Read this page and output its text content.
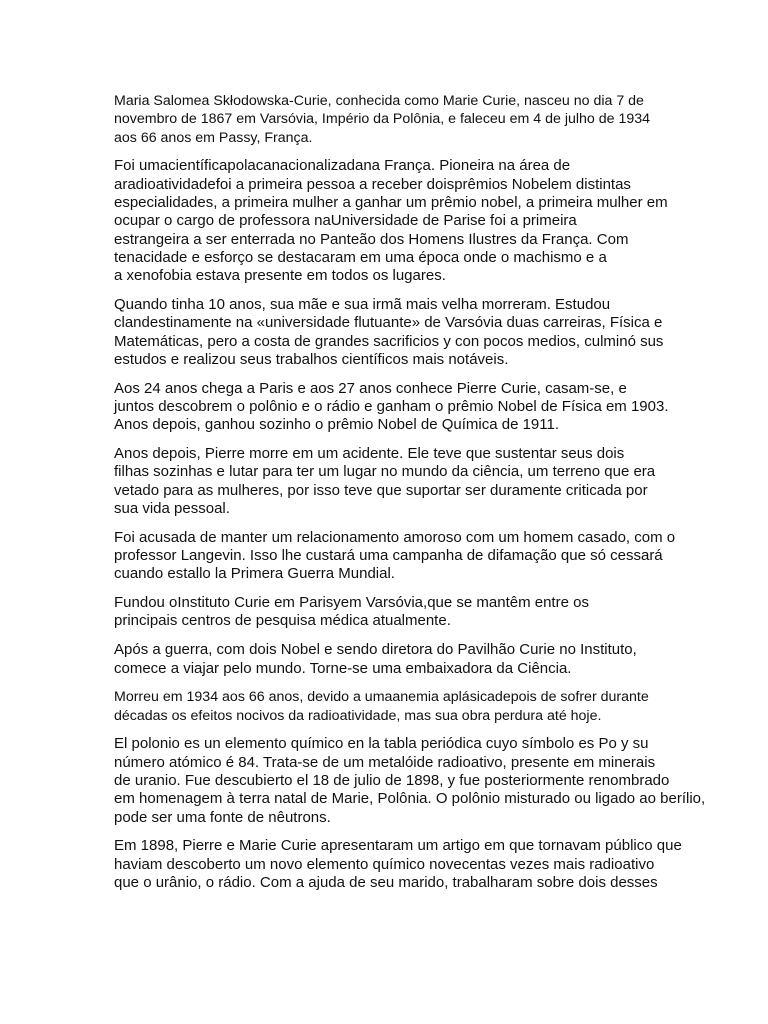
Maria Salomea Skłodowska-Curie, conhecida como Marie Curie, nasceu no dia 7 de
novembro de 1867 em Varsóvia, Império da Polônia, e faleceu em 4 de julho de 1934
aos 66 anos em Passy, França.

Foi umacientíficapolacanacionalizadana França. Pioneira na área de
aradioatividadefoi a primeira pessoa a receber doisprêmios Nobelem distintas
especialidades, a primeira mulher a ganhar um prêmio nobel, a primeira mulher em
ocupar o cargo de professora naUniversidade de Parise foi a primeira
estrangeira a ser enterrada no Panteão dos Homens Ilustres da França. Com
tenacidade e esforço se destacaram em uma época onde o machismo e a
a xenofobia estava presente em todos os lugares.

Quando tinha 10 anos, sua mãe e sua irmã mais velha morreram. Estudou
clandestinamente na «universidade flutuante» de Varsóvia duas carreiras, Física e
Matemáticas, pero a costa de grandes sacrificios y con pocos medios, culminó sus
estudos e realizou seus trabalhos científicos mais notáveis.

Aos 24 anos chega a Paris e aos 27 anos conhece Pierre Curie, casam-se, e
juntos descobrem o polônio e o rádio e ganham o prêmio Nobel de Física em 1903.
Anos depois, ganhou sozinho o prêmio Nobel de Química de 1911.

Anos depois, Pierre morre em um acidente. Ele teve que sustentar seus dois
filhas sozinhas e lutar para ter um lugar no mundo da ciência, um terreno que era
vetado para as mulheres, por isso teve que suportar ser duramente criticada por
sua vida pessoal.

Foi acusada de manter um relacionamento amoroso com um homem casado, com o
professor Langevin. Isso lhe custará uma campanha de difamação que só cessará
cuando estallo la Primera Guerra Mundial.

Fundou oInstituto Curie em Parisyem Varsóvia,que se mantêm entre os
principais centros de pesquisa médica atualmente.

Após a guerra, com dois Nobel e sendo diretora do Pavilhão Curie no Instituto,
comece a viajar pelo mundo. Torne-se uma embaixadora da Ciência.

Morreu em 1934 aos 66 anos, devido a umaanemia aplásicadepois de sofrer durante
décadas os efeitos nocivos da radioatividade, mas sua obra perdura até hoje.

El polonio es un elemento químico en la tabla periódica cuyo símbolo es Po y su
número atómico é 84. Trata-se de um metalóide radioativo, presente em minerais
de uranio. Fue descubierto el 18 de julio de 1898, y fue posteriormente renombrado
em homenagem à terra natal de Marie, Polônia. O polônio misturado ou ligado ao berílio,
pode ser uma fonte de nêutrons.

Em 1898, Pierre e Marie Curie apresentaram um artigo em que tornavam público que
haviam descoberto um novo elemento químico novecentas vezes mais radioativo
que o urânio, o rádio. Com a ajuda de seu marido, trabalharam sobre dois desses
